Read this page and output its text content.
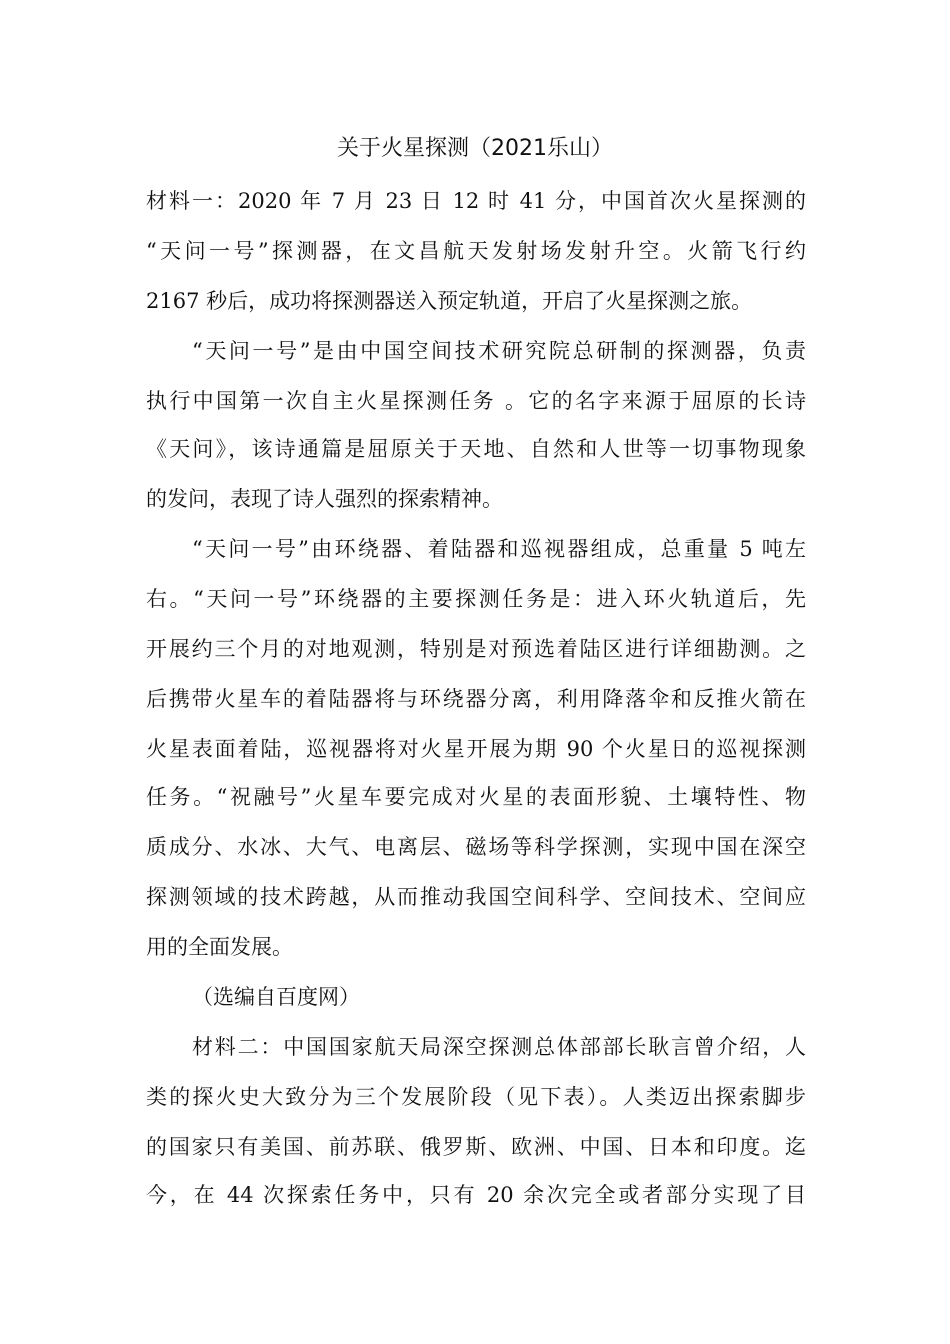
关于火星探测（2021乐山）
材料一：2020 年 7 月 23 日 12 时 41 分，中国首次火星探测的
“天问一号”探测器，在文昌航天发射场发射升空。火箭飞行约
2167 秒后，成功将探测器送入预定轨道，开启了火星探测之旅。
“天问一号”是由中国空间技术研究院总研制的探测器，负责
执行中国第一次自主火星探测任务 。它的名字来源于屈原的长诗
《天问》，该诗通篇是屈原关于天地、自然和人世等一切事物现象
的发问，表现了诗人强烈的探索精神。
“天问一号”由环绕器、着陆器和巡视器组成，总重量 5 吨左
右。“天问一号”环绕器的主要探测任务是：进入环火轨道后，先
开展约三个月的对地观测，特别是对预选着陆区进行详细勘测。之
后携带火星车的着陆器将与环绕器分离，利用降落伞和反推火箭在
火星表面着陆，巡视器将对火星开展为期 90 个火星日的巡视探测
任务。“祝融号”火星车要完成对火星的表面形貌、土壤特性、物
质成分、水冰、大气、电离层、磁场等科学探测，实现中国在深空
探测领域的技术跨越，从而推动我国空间科学、空间技术、空间应
用的全面发展。
（选编自百度网）
材料二：中国国家航天局深空探测总体部部长耿言曾介绍，人
类的探火史大致分为三个发展阶段（见下表）。人类迈出探索脚步
的国家只有美国、前苏联、俄罗斯、欧洲、中国、日本和印度。迄
今，在 44 次探索任务中，只有 20 余次完全或者部分实现了目
